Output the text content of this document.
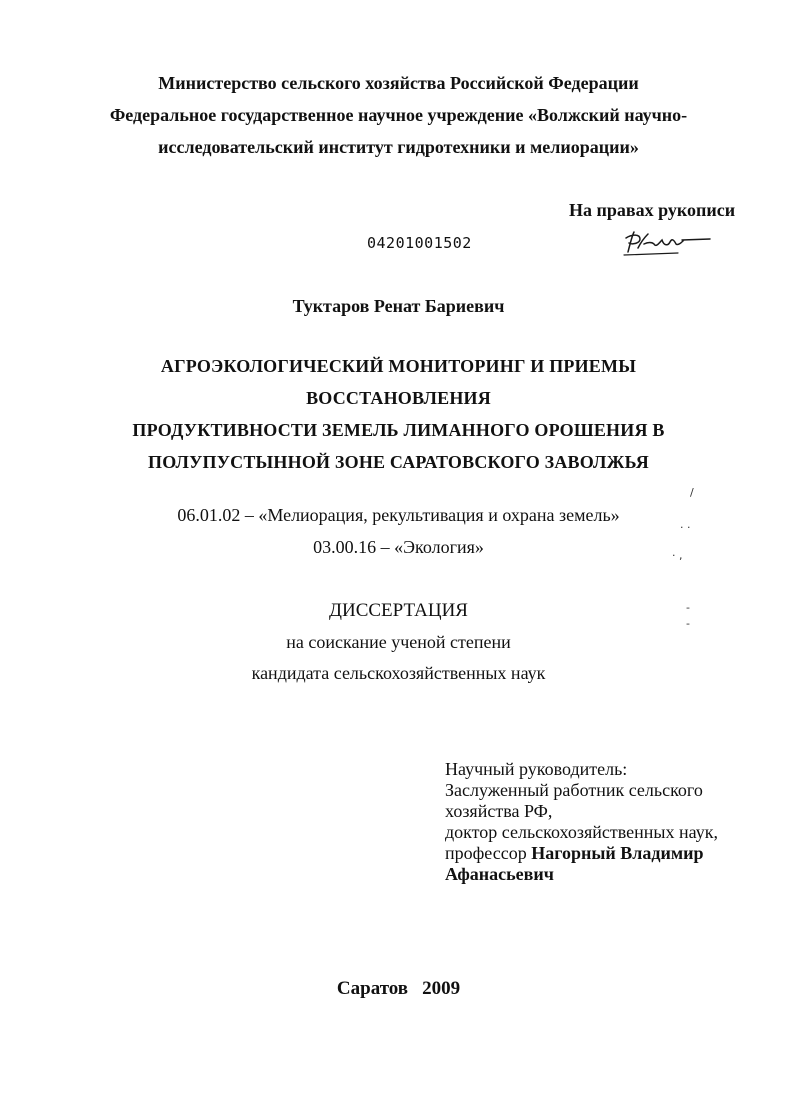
Министерство сельского хозяйства Российской Федерации
Федеральное государственное научное учреждение «Волжский научно-
исследовательский институт гидротехники и мелиорации»
На правах рукописи
04201001502
Туктаров Ренат Бариевич
АГРОЭКОЛОГИЧЕСКИЙ МОНИТОРИНГ И ПРИЕМЫ
ВОССТАНОВЛЕНИЯ
ПРОДУКТИВНОСТИ ЗЕМЕЛЬ ЛИМАННОГО ОРОШЕНИЯ В
ПОЛУПУСТЫННОЙ ЗОНЕ САРАТОВСКОГО ЗАВОЛЖЬЯ
06.01.02 – «Мелиорация, рекультивация и охрана земель»
03.00.16 – «Экология»
ДИССЕРТАЦИЯ
на соискание ученой степени
кандидата сельскохозяйственных наук
Научный руководитель:
Заслуженный работник сельского
хозяйства РФ,
доктор сельскохозяйственных наук,
профессор Нагорный Владимир
Афанасьевич
Саратов 2009
/
· ·
· ,
-
-
